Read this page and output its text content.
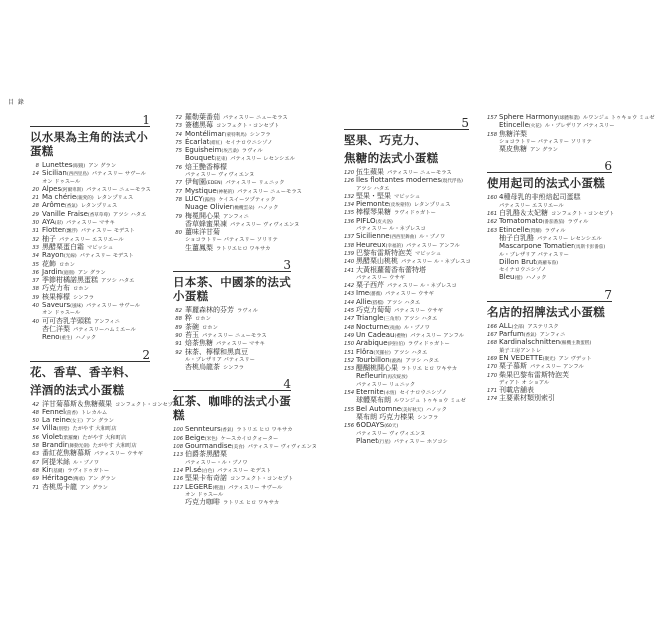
目 錄
1
以水果為主角的法式小蛋糕
8 Lunettes(眼鏡) アン グラン
14 Sicilian(西西里島) パティスリー サヴール
オン ドゥスール
20 Alpes(阿爾卑斯) パティスリー ニューモラス
21 Ma chérie(親愛的) レタンプリュス
28 Arôme(香氣) レタンプリュス
29 Vanille Fraise(香草草莓) アツシ ハタエ
30 AYA(彩) パティスリー マサキ
31 Flotter(飄浮) パティスリー モデスト
32 柚子 パティスリー エスリエール
33 黑醋栗蛋白霜 マビッシュ
34 Rayon(光線) パティスリー モデスト
35 花飾 ロホン
36 Jardin(庭園) アン グラン
37 季節柑橘諾黑蛋糕 アツシ ハタエ
38 巧克力布 ロホン
39 核果檸檬 シンフラ
40 Saveurs(風味) パティスリー サヴール
オン ドゥスール
40 可可杏乳芋頭糕 アンフィニ
杏仁洋梨 パティスリーハムミエール
Reno(重生) ハノック
2
花、香草、香辛料、
洋酒的法式小蛋糕
42 洋甘菊慕斯＆焦糖蘋果 コンフェクト・コンセプト
48 Fennel(茴香) トレカルム
50 La reine(女王) アン グラン
54 Villa(別墅) たがやす 大和町店
56 Violet(紫羅蘭) たがやす 大和町店
58 Brandir(舞動光劍) たがやす 大和町店
63 番紅花焦糖慕斯 パティスリー ウサギ
67 阿提米絲 ル・ブノワ
68 Kir(基爾) ラヴィドゥガトー
69 Héritage(傳承) アン グラン
71 杏桃馬卡龍 アン グラン
72 羅勒葉番茄 パティスリー ニューモラス
73 簽穗黑莓 コンフェクト・コンセプト
74 Montélimar(蒙特利馬) シンフラ
75 Écarlat(緋紅) セイナロウニシゾノ
75 Eguisheim(埃吉桑) ラヴィル
Bouquet(花束) パティスリー レセンシエル
76 焙王艷香檸檬
パティスリー ヴィヴィエンヌ
77 伊甸園(EDEN) パティスリー リュニック
77 Mystique(神秘的) パティスリー ニューモラス
78 LUCY(露西) ケイスイーツプティック
Nuage Olivier(橄欖雲朵) ハノック
79 梅冕開心果 アンフィニ
香草蜂蜜果凍 パティスリー ヴィヴィエンヌ
80 薑味洋甘菊
ショコラトリー パティスリー ソリリテ
生薑鳳梨 ラトリエヒロ ワキサカ
3
日本茶、中國茶的法式小蛋糕
82 華麗森林的芬芳 ラヴィル
88 粹 ロホン
89 茶碗 ロホン
90 苔玉 パティスリー ニューモラス
91 焙茶焦糖 パティスリー マサキ
92 抹茶、檸檬和黑真豆
ル・ブレザリア パティスリー
杏桃烏龍茶 シンフラ
4
紅茶、咖啡的法式小蛋糕
100 Sennteurs(香氣) ラトリエ ヒロ ワキサカ
106 Beige(米色) ケースカイロクォーター
108 Gourmandise(美食) パティスリー ヴィヴィエンヌ
113 伯爵茶黑醋栗
パティスリー・ル・ブノワ
114 Pl.sé(白色) パティスリー モデスト
116 堅果卡布奇諾 コンフェクト・コンセプト
117 LEGERE(輕盈) パティスリー サヴール
オン ドゥスール
巧克力咖啡 ラトリエ ヒロ ワキサカ
5
堅果、巧克力、
焦糖的法式小蛋糕
120 伍生蘋果 パティスリー ニューモラス
126 Îles flottantes modernes(現代浮島)
アツシ ハタエ
132 堅果・堅果 マビッシュ
134 Piemonte(皮埃蒙特) レタンプリュス
135 棒檬琴果糖 ラヴィドゥガトー
136 PIFLO(皮夫洛)
パティスリー ル・ネプレスコ
137 Sicilienne(西西里舞曲) ル・ブノワ
138 Heureux(幸福的) パティスリー アンフル
139 巴黎布雷斯特泡芙 マビッシュ
140 黑醋栗山桃桃 パティスリー ル・ネプレスコ
141 大黃根蘿蔔香布蕾特塔
パティスリー ウサギ
142 栗子西芹 パティスリー ル・ネプレスコ
143 Ime(薔薇) パティスリー ウサギ
144 Allie(搭檔) アツシ ハタエ
145 巧克力萄萄 パティスリー ウサギ
147 Triangle(三角形) アツシ ハタエ
148 Nocturne(夜曲) ル・ブノワ
149 Un Cadeau(禮物) パティスリー アンフル
150 Arabique(阿拉伯) ラヴィドゥガトー
151 Flôra(芙羅拉) アツシ ハタエ
152 Tourbillon(漩渦) アツシ ハタエ
153 醍醐桃開心果 ラトリエ ヒロ ワキサカ
Refleurir(再次綻放)
パティスリー リュニック
154 Eternite(永恆) セイナロウニシゾノ
球體栗布朗 ルワンジュ トゥキョウ ミュゼ
155 Bel Automne(美好秋天) ハノック
栗布朗 巧克力榛果 シンフラ
156 6ODAYS(60天)
パティスリー ヴィヴィエンヌ
Planet(行星) パティスリー ホソコシ
157 Sphere Harmony(球體和諧) ルワンジュ トゥキョウ ミュゼ
Etincelle(火花) ル・ブレザリア パティスリー
158 焦糖洋梨
ショコラトリー パティスリー ソリリテ
栗皮焦糖 アン グラン
6
使用起司的法式小蛋糕
160 4種母乳的非煎焙起司蛋糕
パティスリー エスリエール
161 白乳酪＆太妃糖 コンフェクト・コンセプト
162 Tomatomato(番茄番茄) ラヴィル
163 Etincelle(閃耀) ラヴィル
柚子白乳酪 パティスリー レセンシエル
Mascarpone Tomatier(馬斯卡彭番茄)
ル・ブレザリア パティスリー
Dillon Brut(蒔蘿布魯)
セイナロウニシゾノ
Bleu(藍) ハノック
7
名店的招牌法式小蛋糕
166 ALL(全部) アステリスク
167 Parfum(香氣) アンフィニ
168 Kardinalschnitten(樞機主教蛋糕)
菓子工房アントレ
169 EN VEDETTE(聚光) アン ヴデット
170 栗子慕斯 パティスリー アンフル
170 柴果巴黎布雷斯特泡芙
ディアト オ ショアル
171 刊載店舖表
174 主要素材類別索引
